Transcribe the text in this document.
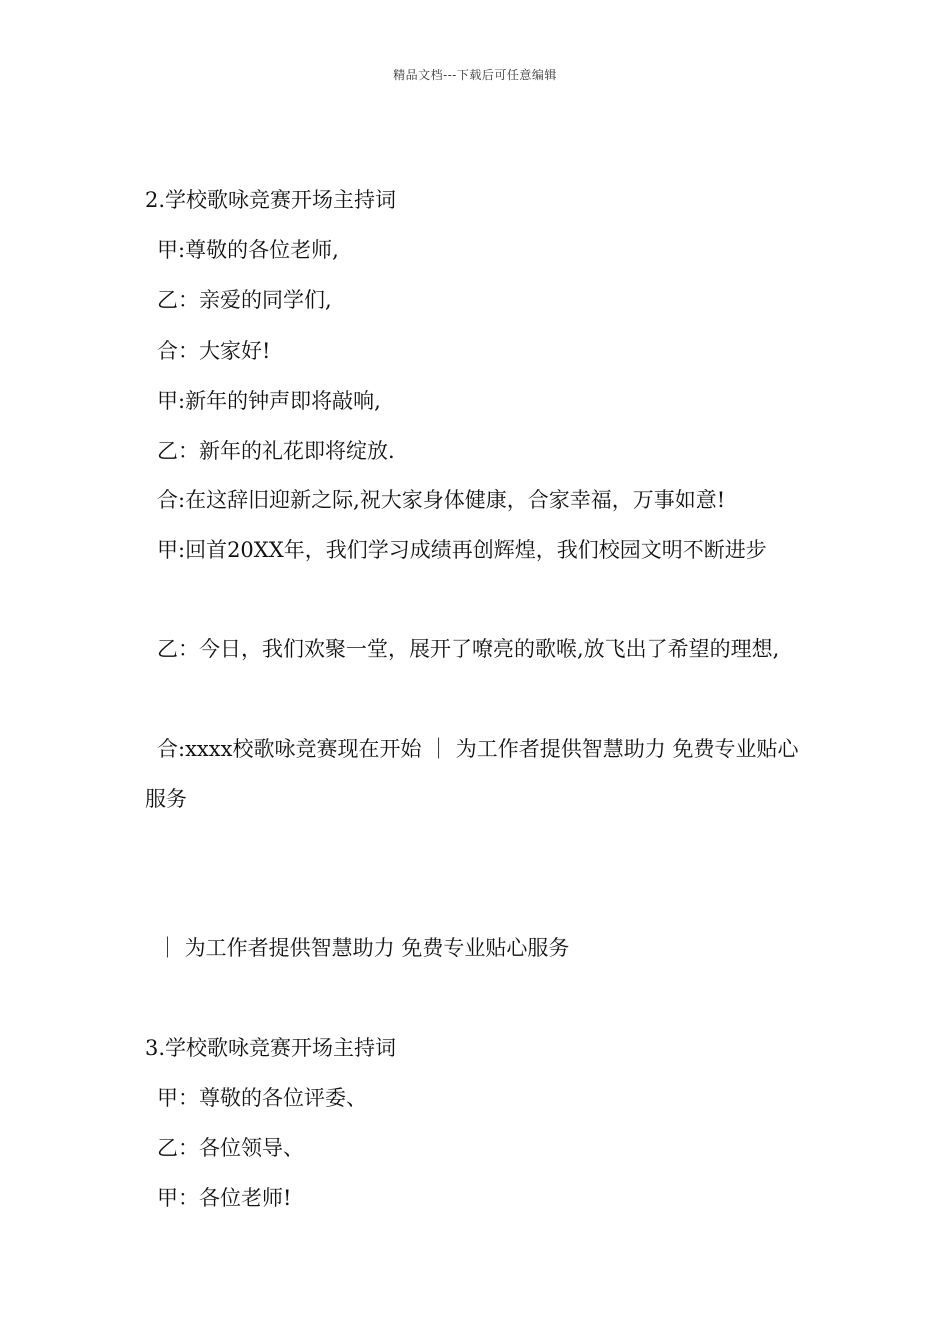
精品文档---下载后可任意编辑
2.学校歌咏竞赛开场主持词
甲:尊敬的各位老师,
乙：亲爱的同学们,
合：大家好!
甲:新年的钟声即将敲响,
乙：新年的礼花即将绽放.
合:在这辞旧迎新之际,祝大家身体健康，合家幸福，万事如意!
甲:回首20XX年，我们学习成绩再创辉煌，我们校园文明不断进步
乙：今日，我们欢聚一堂，展开了嘹亮的歌喉,放飞出了希望的理想,
合:xxxx校歌咏竞赛现在开始 ｜ 为工作者提供智慧助力 免费专业贴心服务
｜ 为工作者提供智慧助力 免费专业贴心服务
3.学校歌咏竞赛开场主持词
甲：尊敬的各位评委、
乙：各位领导、
甲：各位老师!
